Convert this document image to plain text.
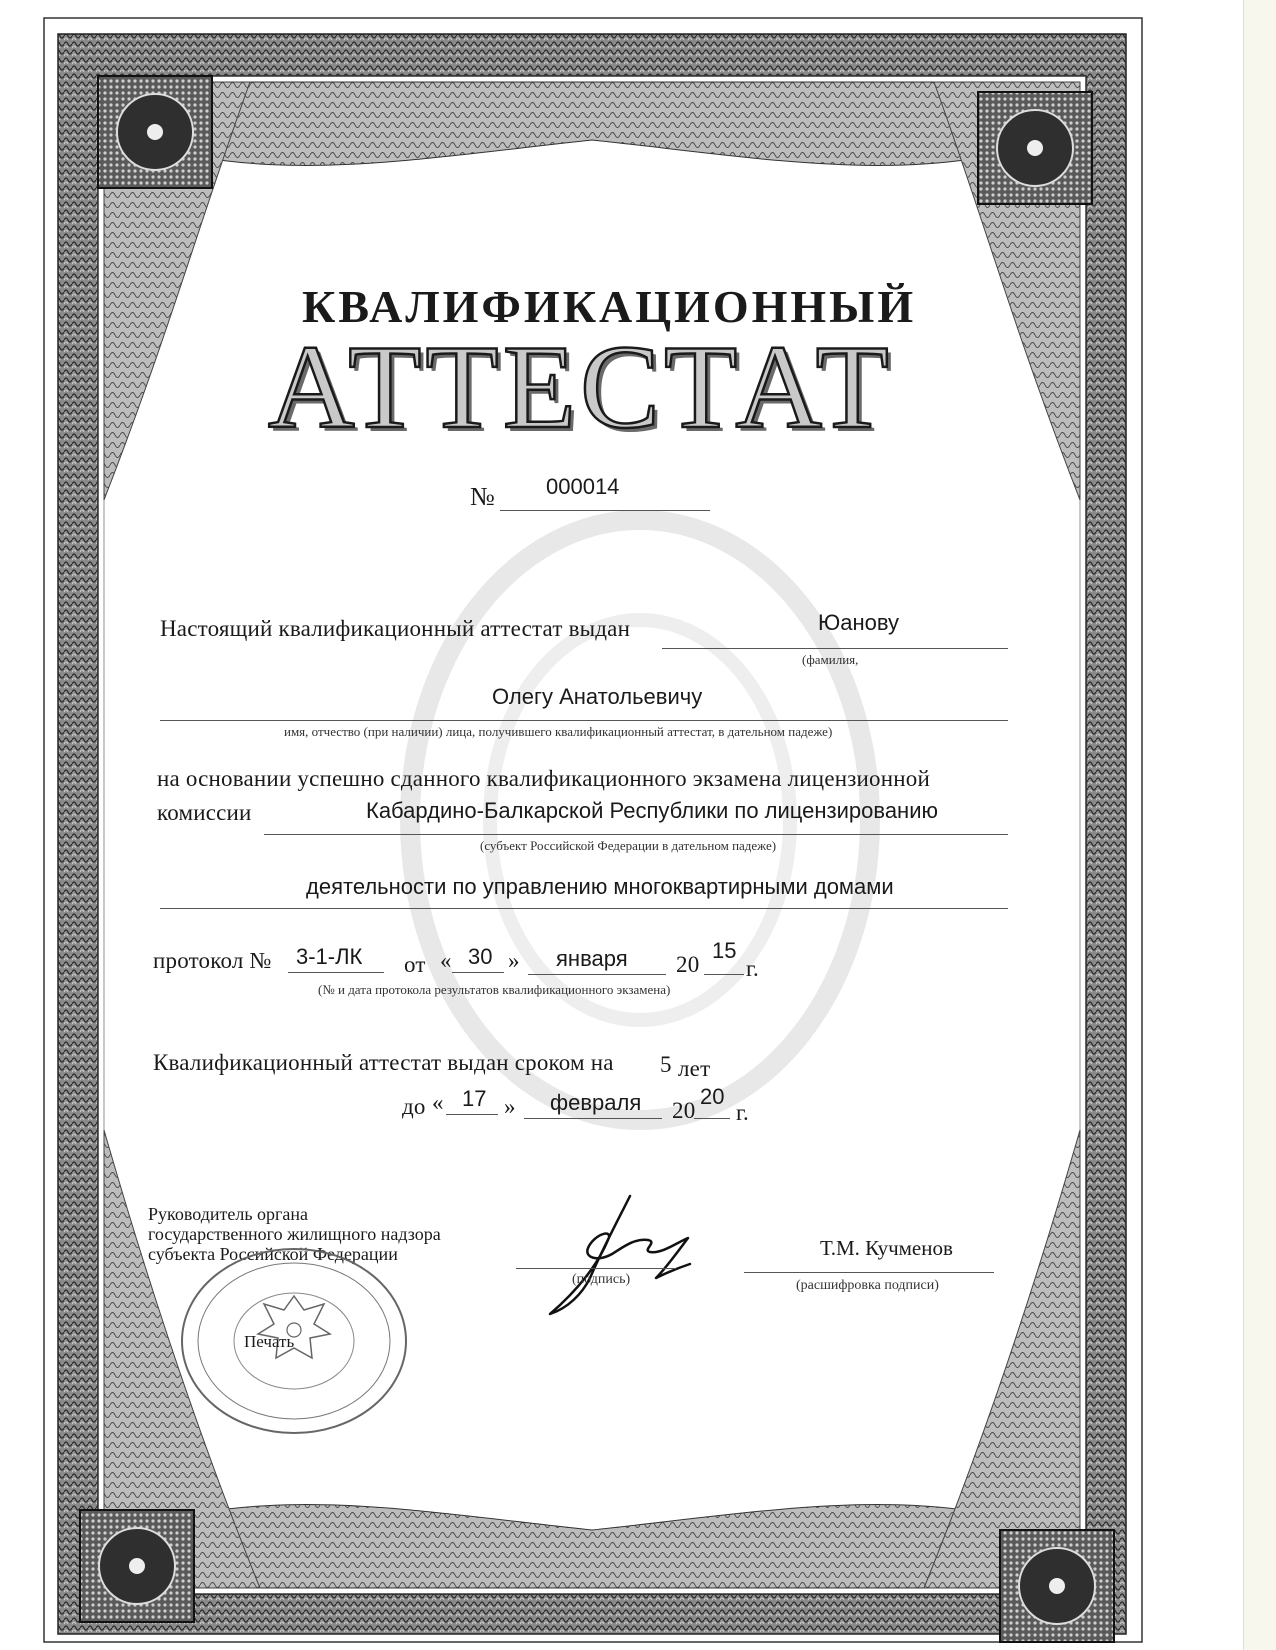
КВАЛИФИКАЦИОННЫЙ
АТТЕСТАТ
№ 000014
Настоящий квалификационный аттестат выдан	Юанову
(фамилия,
Олегу Анатольевичу
имя, отчество (при наличии) лица, получившего квалификационный аттестат, в дательном падеже)
на основании успешно сданного квалификационного экзамена лицензионной
комиссии	Кабардино-Балкарской Республики по лицензированию
(субъект Российской Федерации в дательном падеже)
деятельности по управлению многоквартирными домами
протокол № 3-1-ЛК от « 30 » января 20
15
г.
(№ и дата протокола результатов квалификационного экзамена)
Квалификационный аттестат выдан сроком на 5 лет
до « 17 » февраля 20
20
г.
Руководитель органа
государственного жилищного надзора
субъекта Российской Федерации
Печать
(подпись)
Т.М. Кучменов
(расшифровка подписи)
